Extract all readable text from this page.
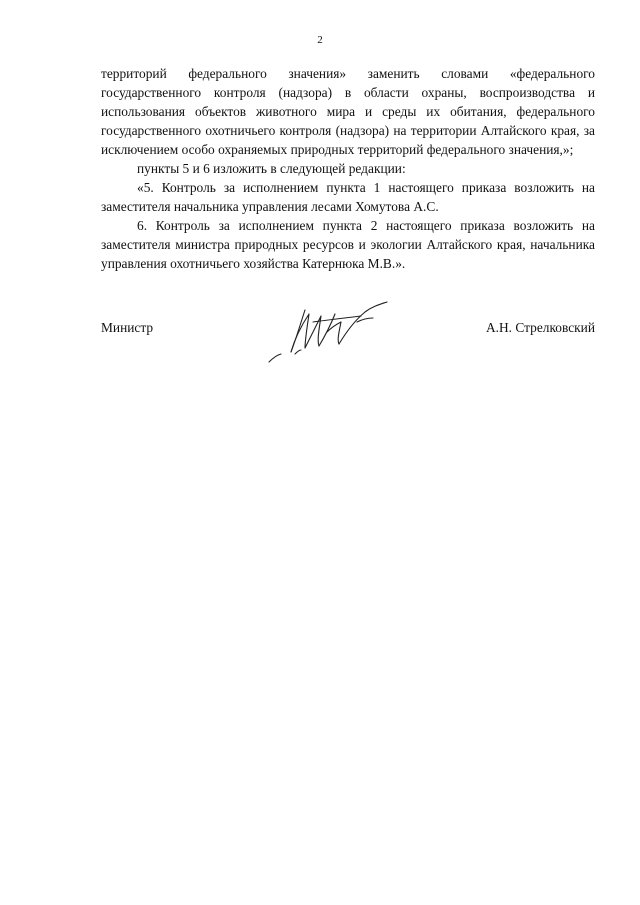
2

территорий федерального значения» заменить словами «федерального государственного контроля (надзора) в области охраны, воспроизводства и использования объектов животного мира и среды их обитания, федерального государственного охотничьего контроля (надзора) на территории Алтайского края, за исключением особо охраняемых природных территорий федерального значения,»;

пункты 5 и 6 изложить в следующей редакции:

«5. Контроль за исполнением пункта 1 настоящего приказа возложить на заместителя начальника управления лесами Хомутова А.С.

6. Контроль за исполнением пункта 2 настоящего приказа возложить на заместителя министра природных ресурсов и экологии Алтайского края, начальника управления охотничьего хозяйства Катернюка М.В.».

Министр	А.Н. Стрелковский
